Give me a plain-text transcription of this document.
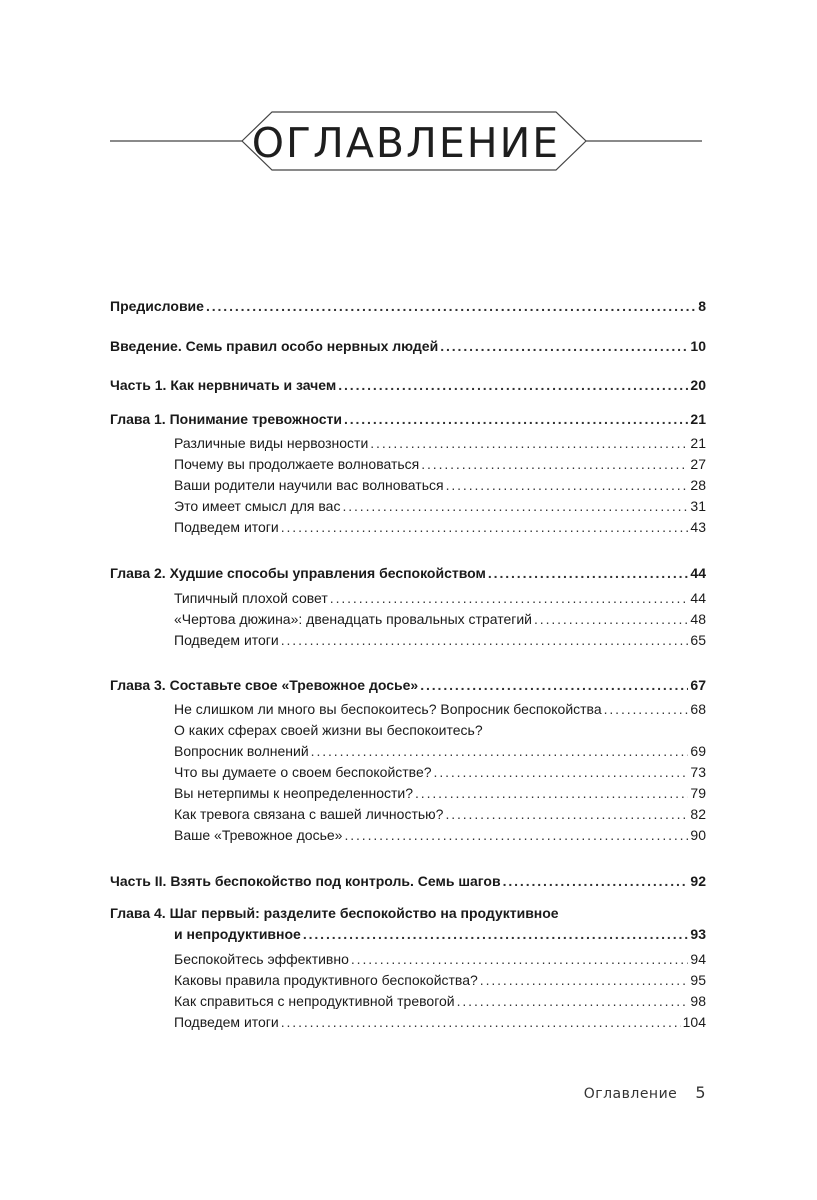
ОГЛАВЛЕНИЕ
Предисловие . . .	8
Введение. Семь правил особо нервных людей . . .	10
Часть 1. Как нервничать и зачем . . .	20
Глава 1. Понимание тревожности . . .	21
Различные виды нервозности . . .	21
Почему вы продолжаете волноваться . . .	27
Ваши родители научили вас волноваться . . .	28
Это имеет смысл для вас . . .	31
Подведем итоги . . .	43
Глава 2. Худшие способы управления беспокойством . . .	44
Типичный плохой совет . . .	44
«Чертова дюжина»: двенадцать провальных стратегий . . .	48
Подведем итоги . . .	65
Глава 3. Составьте свое «Тревожное досье» . . .	67
Не слишком ли много вы беспокоитесь? Вопросник беспокойства . . .	68
О каких сферах своей жизни вы беспокоитесь?
Вопросник волнений . . .	69
Что вы думаете о своем беспокойстве? . . .	73
Вы нетерпимы к неопределенности? . . .	79
Как тревога связана с вашей личностью? . . .	82
Ваше «Тревожное досье» . . .	90
Часть II. Взять беспокойство под контроль. Семь шагов . . .	92
Глава 4. Шаг первый: разделите беспокойство на продуктивное
и непродуктивное . . .	93
Беспокойтесь эффективно . . .	94
Каковы правила продуктивного беспокойства? . . .	95
Как справиться с непродуктивной тревогой . . .	98
Подведем итоги . . .	104
Оглавление 5
